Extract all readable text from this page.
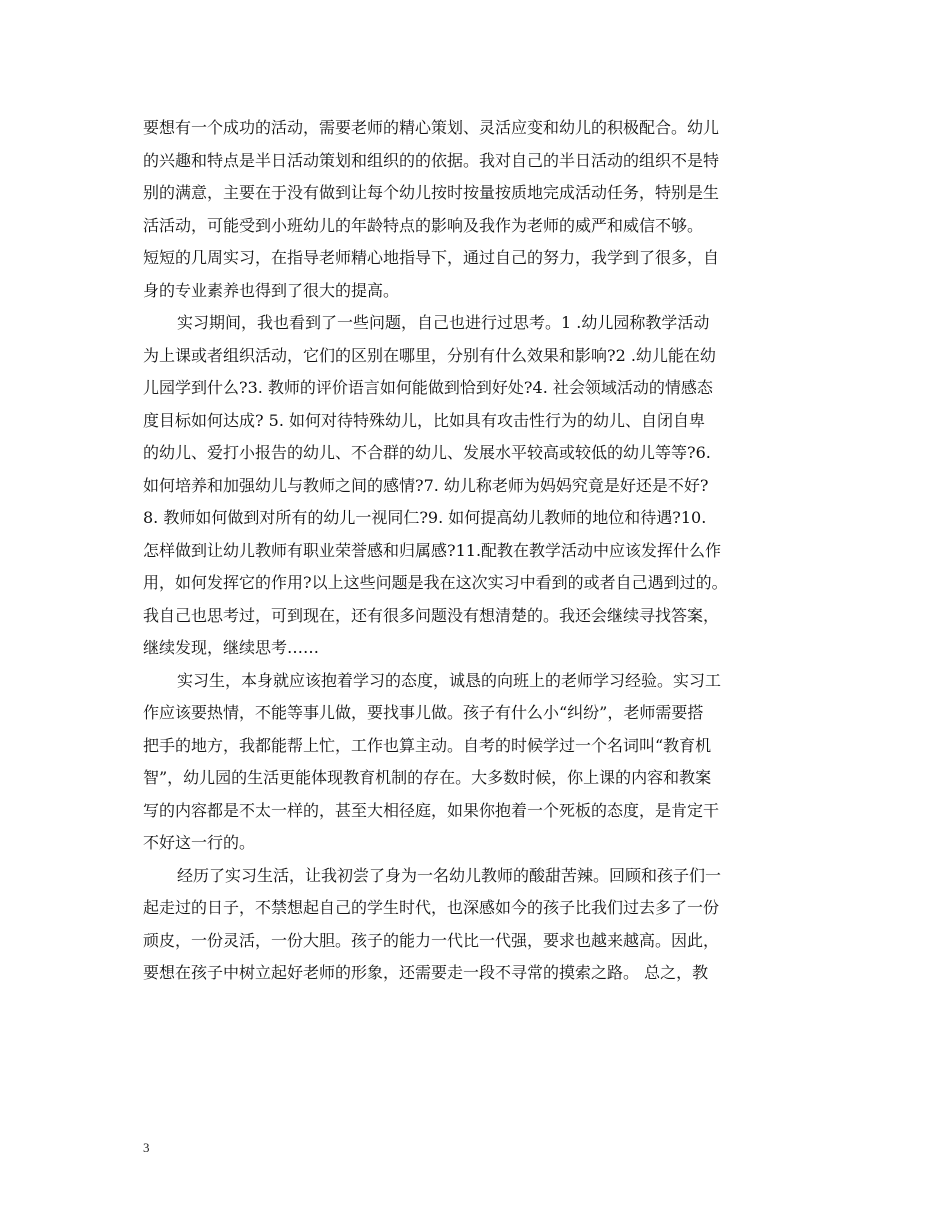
要想有一个成功的活动，需要老师的精心策划、灵活应变和幼儿的积极配合。幼儿
的兴趣和特点是半日活动策划和组织的的依据。我对自己的半日活动的组织不是特
别的满意，主要在于没有做到让每个幼儿按时按量按质地完成活动任务，特别是生
活活动，可能受到小班幼儿的年龄特点的影响及我作为老师的威严和威信不够。
短短的几周实习，在指导老师精心地指导下，通过自己的努力，我学到了很多，自
身的专业素养也得到了很大的提高。
实习期间，我也看到了一些问题，自己也进行过思考。1 .幼儿园称教学活动
为上课或者组织活动，它们的区别在哪里，分别有什么效果和影响?2 .幼儿能在幼
儿园学到什么?3. 教师的评价语言如何能做到恰到好处?4. 社会领域活动的情感态
度目标如何达成? 5. 如何对待特殊幼儿，比如具有攻击性行为的幼儿、自闭自卑
的幼儿、爱打小报告的幼儿、不合群的幼儿、发展水平较高或较低的幼儿等等?6.
如何培养和加强幼儿与教师之间的感情?7. 幼儿称老师为妈妈究竟是好还是不好?
8. 教师如何做到对所有的幼儿一视同仁?9. 如何提高幼儿教师的地位和待遇?10.
怎样做到让幼儿教师有职业荣誉感和归属感?11.配教在教学活动中应该发挥什么作
用，如何发挥它的作用?以上这些问题是我在这次实习中看到的或者自己遇到过的。
我自己也思考过，可到现在，还有很多问题没有想清楚的。我还会继续寻找答案，
继续发现，继续思考……
实习生，本身就应该抱着学习的态度，诚恳的向班上的老师学习经验。实习工
作应该要热情，不能等事儿做，要找事儿做。孩子有什么小“纠纷”，老师需要搭
把手的地方，我都能帮上忙，工作也算主动。自考的时候学过一个名词叫“教育机
智”，幼儿园的生活更能体现教育机制的存在。大多数时候，你上课的内容和教案
写的内容都是不太一样的，甚至大相径庭，如果你抱着一个死板的态度，是肯定干
不好这一行的。
经历了实习生活，让我初尝了身为一名幼儿教师的酸甜苦辣。回顾和孩子们一
起走过的日子，不禁想起自己的学生时代，也深感如今的孩子比我们过去多了一份
顽皮，一份灵活，一份大胆。孩子的能力一代比一代强，要求也越来越高。因此，
要想在孩子中树立起好老师的形象，还需要走一段不寻常的摸索之路。 总之，教
3
